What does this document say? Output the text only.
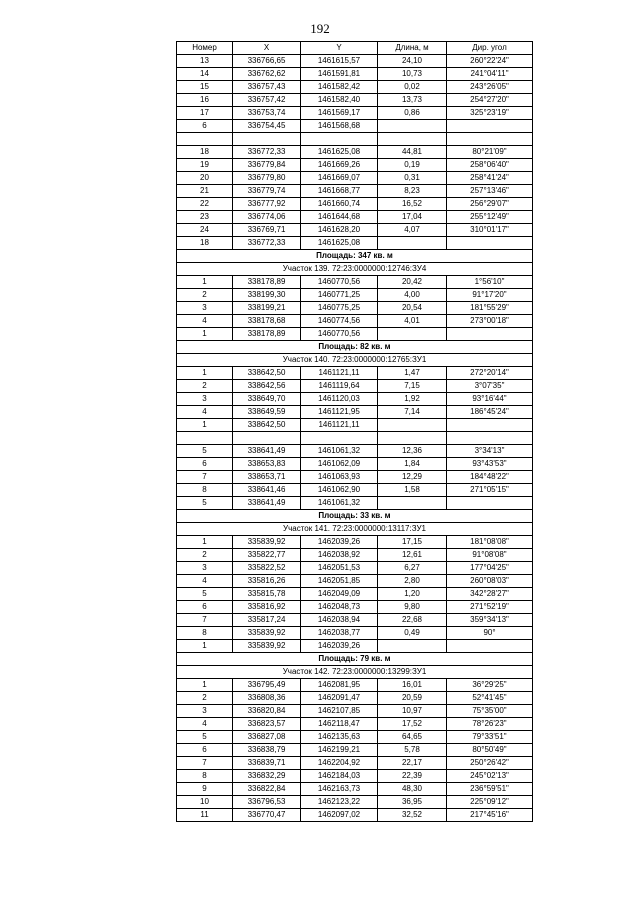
192
Номер	X	Y	Длина, м	Дир. угол
13	336766,65	1461615,57	24,10	260°22'24"
14	336762,62	1461591,81	10,73	241°04'11"
15	336757,43	1461582,42	0,02	243°26'05"
16	336757,42	1461582,40	13,73	254°27'20"
17	336753,74	1461569,17	0,86	325°23'19"
6	336754,45	1461568,68		

18	336772,33	1461625,08	44,81	80°21'09"
19	336779,84	1461669,26	0,19	258°06'40"
20	336779,80	1461669,07	0,31	258°41'24"
21	336779,74	1461668,77	8,23	257°13'46"
22	336777,92	1461660,74	16,52	256°29'07"
23	336774,06	1461644,68	17,04	255°12'49"
24	336769,71	1461628,20	4,07	310°01'17"
18	336772,33	1461625,08		
Площадь: 347 кв. м				
Участок 139. 72:23:0000000:12746:ЗУ4				
1	338178,89	1460770,56	20,42	1°56'10"
2	338199,30	1460771,25	4,00	91°17'20"
3	338199,21	1460775,25	20,54	181°55'29"
4	338178,68	1460774,56	4,01	273°00'18"
1	338178,89	1460770,56		
Площадь: 82 кв. м				
Участок 140. 72:23:0000000:12765:ЗУ1				
1	338642,50	1461121,11	1,47	272°20'14"
2	338642,56	1461119,64	7,15	3°07'35"
3	338649,70	1461120,03	1,92	93°16'44"
4	338649,59	1461121,95	7,14	186°45'24"
1	338642,50	1461121,11		

5	338641,49	1461061,32	12,36	3°34'13"
6	338653,83	1461062,09	1,84	93°43'53"
7	338653,71	1461063,93	12,29	184°48'22"
8	338641,46	1461062,90	1,58	271°05'15"
5	338641,49	1461061,32		
Площадь: 33 кв. м				
Участок 141. 72:23:0000000:13117:ЗУ1				
1	335839,92	1462039,26	17,15	181°08'08"
2	335822,77	1462038,92	12,61	91°08'08"
3	335822,52	1462051,53	6,27	177°04'25"
4	335816,26	1462051,85	2,80	260°08'03"
5	335815,78	1462049,09	1,20	342°28'27"
6	335816,92	1462048,73	9,80	271°52'19"
7	335817,24	1462038,94	22,68	359°34'13"
8	335839,92	1462038,77	0,49	90°
1	335839,92	1462039,26		
Площадь: 79 кв. м				
Участок 142. 72:23:0000000:13299:ЗУ1				
1	336795,49	1462081,95	16,01	36°29'25"
2	336808,36	1462091,47	20,59	52°41'45"
3	336820,84	1462107,85	10,97	75°35'00"
4	336823,57	1462118,47	17,52	78°26'23"
5	336827,08	1462135,63	64,65	79°33'51"
6	336838,79	1462199,21	5,78	80°50'49"
7	336839,71	1462204,92	22,17	250°26'42"
8	336832,29	1462184,03	22,39	245°02'13"
9	336822,84	1462163,73	48,30	236°59'51"
10	336796,53	1462123,22	36,95	225°09'12"
11	336770,47	1462097,02	32,52	217°45'16"
